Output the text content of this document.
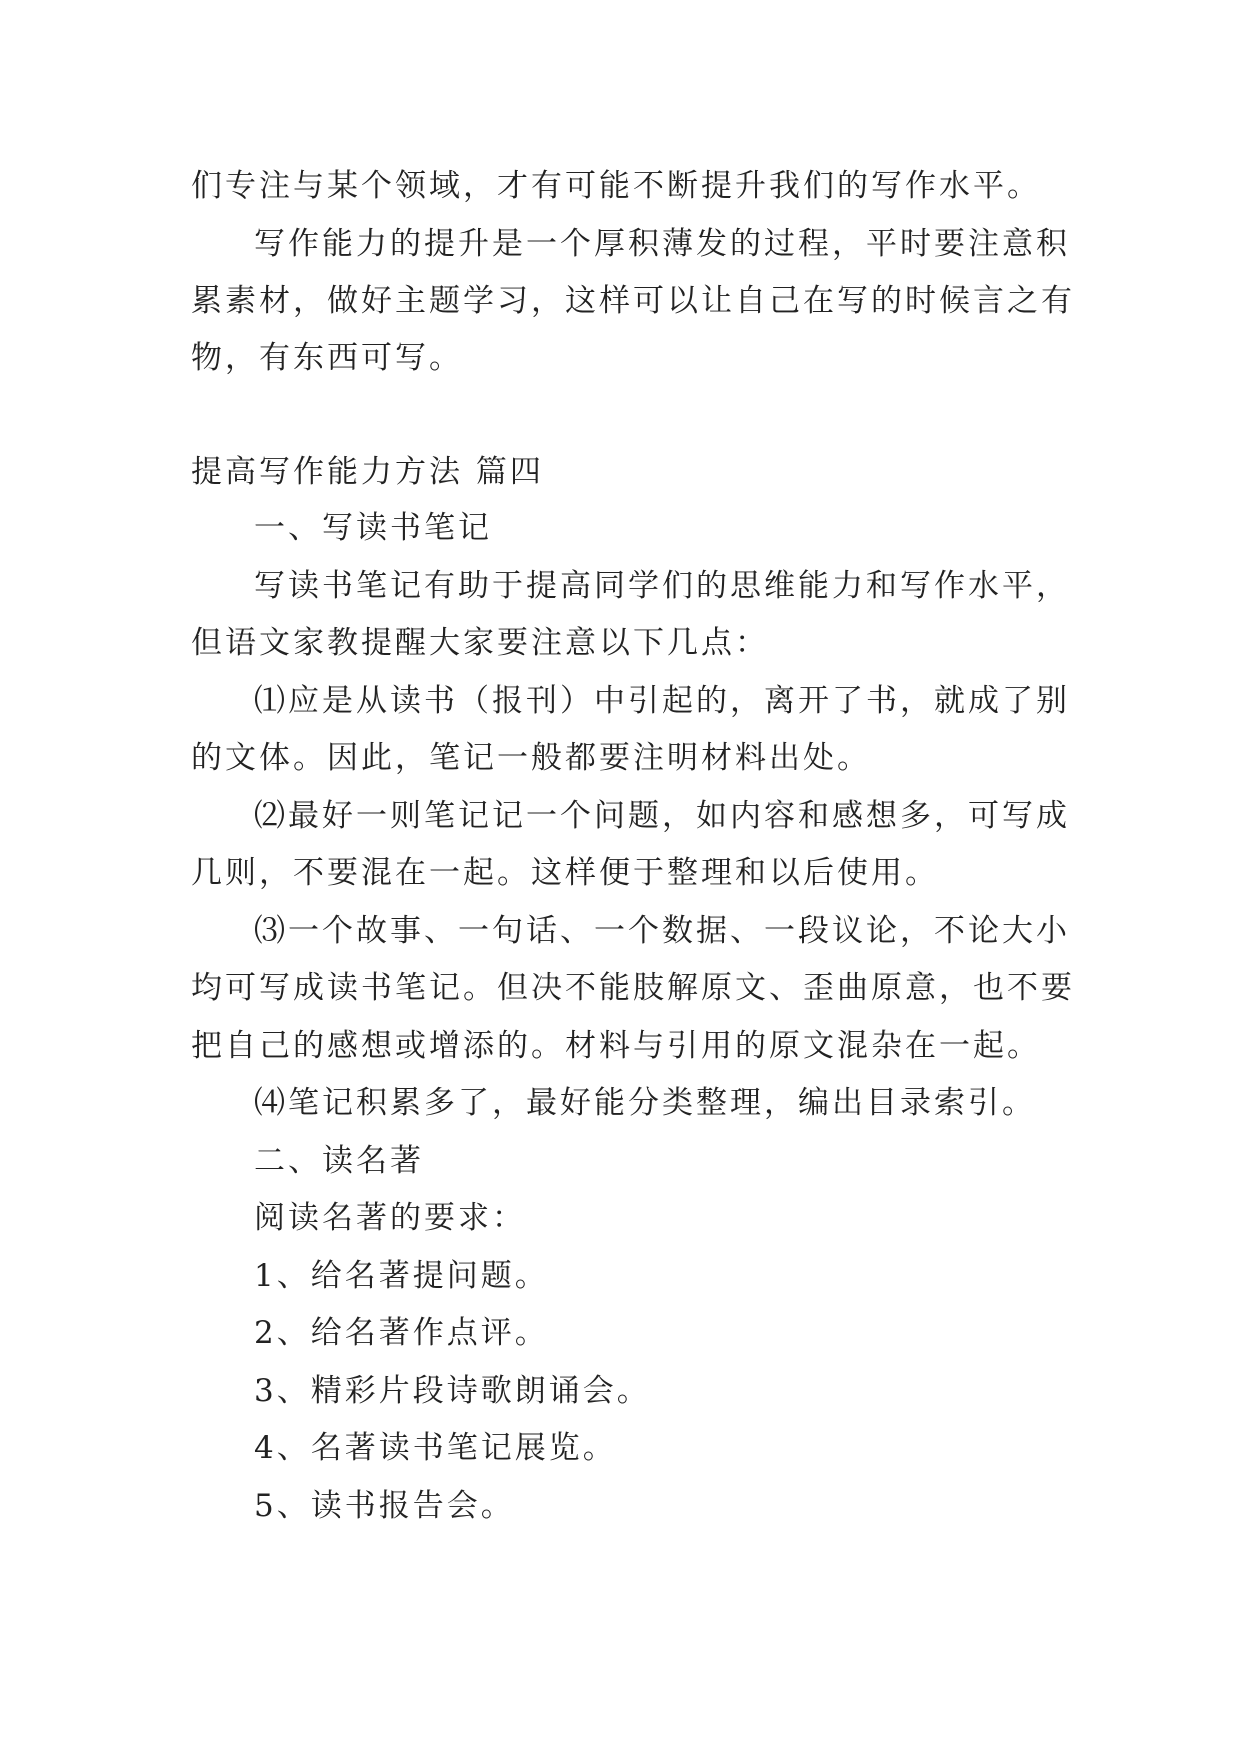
们专注与某个领域，才有可能不断提升我们的写作水平。
写作能力的提升是一个厚积薄发的过程，平时要注意积
累素材，做好主题学习，这样可以让自己在写的时候言之有
物，有东西可写。
提高写作能力方法 篇四
一、写读书笔记
写读书笔记有助于提高同学们的思维能力和写作水平，
但语文家教提醒大家要注意以下几点：
⑴应是从读书（报刊）中引起的，离开了书，就成了别
的文体。因此，笔记一般都要注明材料出处。
⑵最好一则笔记记一个问题，如内容和感想多，可写成
几则，不要混在一起。这样便于整理和以后使用。
⑶一个故事、一句话、一个数据、一段议论，不论大小
均可写成读书笔记。但决不能肢解原文、歪曲原意，也不要
把自己的感想或增添的。材料与引用的原文混杂在一起。
⑷笔记积累多了，最好能分类整理，编出目录索引。
二、读名著
阅读名著的要求：
1、给名著提问题。
2、给名著作点评。
3、精彩片段诗歌朗诵会。
4、名著读书笔记展览。
5、读书报告会。
